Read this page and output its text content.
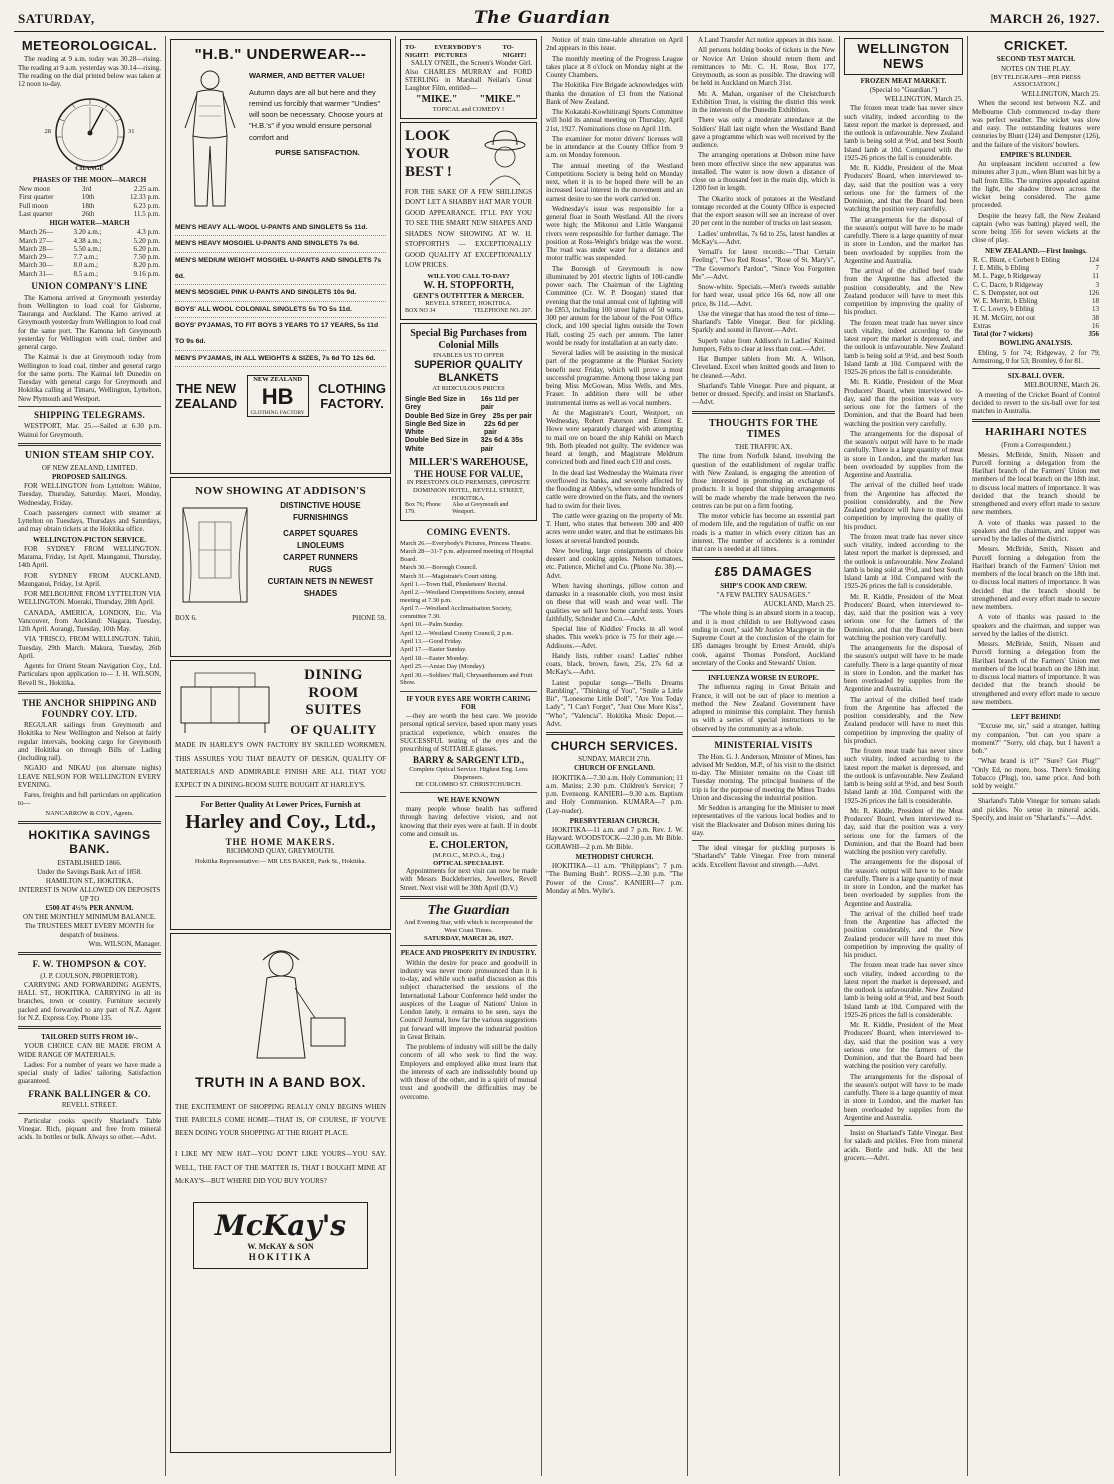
SATURDAY,	The Guardian	MARCH 26, 1927.
METEOROLOGICAL.

The reading at 9 a.m. today was 30.28—rising. The reading at 9 a.m. yesterday was 30.14—rising. The reading on the dial printed below was taken at 12 noon to-day.

28	31
CHANGE
PHASES OF THE MOON—MARCH
New moon	3rd	2.25 a.m.
First quarter	10th	12.33 p.m.
Full moon	18th	6.23 p.m.
Last quarter	26th	11.5 p.m.
HIGH WATER—MARCH
March 26—	3.20 a.m.;	4.3 p.m.
March 27—	4.38 a.m.;	5.20 p.m.
March 28—	5.50 a.m.;	6.20 p.m.
March 29—	7.7 a.m.;	7.50 p.m.
March 30—	8.0 a.m.;	8.20 p.m.
March 31—	8.5 a.m.;	9.16 p.m.
UNION COMPANY'S LINE

The Kamona arrived at Greymouth yesterday from Wellington to load coal for Gisborne, Tauranga and Auckland. The Kamo arrived at Greymouth yesterday from Wellington to load coal for the same port. The Kamona left Greymouth yesterday for Wellington with coal, timber and general cargo.

The Kaimai is due at Greymouth today from Wellington to load coal, timber and general cargo for the same ports. The Kaimai left Dunedin on Tuesday with general cargo for Greymouth and Hokitika calling at Timaru, Wellington, Lyttelton, New Plymouth and Westport.

SHIPPING TELEGRAMS.

WESTPORT, Mar. 25.—Sailed at 6.30 p.m. Wainui for Greymouth.

UNION STEAM SHIP COY.
OF NEW ZEALAND, LIMITED.
PROPOSED SAILINGS.

FOR WELLINGTON from Lyttelton: Wahine, Tuesday, Thursday, Saturday. Maori, Monday, Wednesday, Friday.

Coach passengers connect with steamer at Lyttelton on Tuesdays, Thursdays and Saturdays, and may obtain tickets at the Hokitika office.

WELLINGTON-PICTON SERVICE.

FOR SYDNEY FROM WELLINGTON. Marama, Friday, 1st April. Maunganui, Thursday, 14th April.

FOR SYDNEY FROM AUCKLAND. Maunganui, Friday, 1st April.

FOR MELBOURNE FROM LYTTELTON VIA WELLINGTON. Moeraki, Thursday, 28th April.

CANADA, AMERICA, LONDON, Etc. Via Vancouver, from Auckland: Niagara, Tuesday, 12th April. Aorangi, Tuesday, 10th May.

VIA 'FRISCO, FROM WELLINGTON. Tahiti, Tuesday, 29th March. Makura, Tuesday, 26th April.

Agents for Orient Steam Navigation Coy., Ltd. Particulars upon application to— J. H. WILSON, Revell St., Hokitika.

THE ANCHOR SHIPPING AND FOUNDRY COY. LTD.

REGULAR sailings from Greymouth and Hokitika to New Wellington and Nelson at fairly regular intervals, booking cargo for Greymouth and Hokitika on through Bills of Lading (including rail).

NGAIO and NIKAU (on alternate nights) LEAVE NELSON FOR WELLINGTON EVERY EVENING.

Fares, freights and full particulars on application to—

NANCARROW & COY., Agents.
HOKITIKA SAVINGS BANK.
ESTABLISHED 1866.
Under the Savings Bank Act of 1858.
HAMILTON ST., HOKITIKA.
INTEREST IS NOW ALLOWED ON DEPOSITS UP TO
£500 AT 4½% PER ANNUM.
ON THE MONTHLY MINIMUM BALANCE.
The TRUSTEES MEET EVERY MONTH for despatch of business.
Wm. WILSON, Manager.
F. W. THOMPSON & COY.
(J. P. COULSON, PROPRIETOR).

CARRYING AND FORWARDING AGENTS, HALL ST., HOKITIKA. CARRYING in all its branches, town or country. Furniture securely packed and forwarded to any part of N.Z. Agent for N.Z. Express Coy. Phone 135.

TAILORED SUITS FROM 10/-.

YOUR CHOICE CAN BE MADE FROM A WIDE RANGE OF MATERIALS.

Ladies: For a number of years we have made a special study of ladies' tailoring. Satisfaction guaranteed.

FRANK BALLINGER & CO.
REVELL STREET.

Particular cooks specify Sharland's Table Vinegar. Rich, piquant and free from mineral acids. In bottles or bulk. Always so other.—Advt.

"H.B." UNDERWEAR---
WARMER, AND BETTER VALUE!
Autumn days are all but here and they remind us forcibly that warmer "Undies" will soon be necessary. Choose yours at "H.B.'s" if you would ensure personal comfort and
PURSE SATISFACTION.
MEN'S HEAVY ALL-WOOL U-PANTS AND SINGLETS 5s 11d.
MEN'S HEAVY MOSGIEL U-PANTS AND SINGLETS 7s 6d.
MEN'S MEDIUM WEIGHT MOSGIEL U-PANTS AND SINGLETS 7s 6d.
MEN'S MOSGIEL PINK U-PANTS AND SINGLETS 10s 9d.
BOYS' ALL WOOL COLONIAL SINGLETS 5s TO 5s 11d.
BOYS' PYJAMAS, TO FIT BOYS 3 YEARS TO 17 YEARS, 5s 11d TO 9s 6d.
MEN'S PYJAMAS, IN ALL WEIGHTS & SIZES, 7s 6d TO 12s 6d.
THE NEW
ZEALAND
NEW ZEALAND
HB
CLOTHING FACTORY
CLOTHING
FACTORY.
NOW SHOWING AT ADDISON'S
DISTINCTIVE HOUSE FURNISHINGS
CARPET SQUARES
LINOLEUMS
CARPET RUNNERS
RUGS
CURTAIN NETS IN NEWEST SHADES
BOX 6.	PHONE 59.
DINING ROOM SUITES
OF QUALITY

MADE IN HARLEY'S OWN FACTORY BY SKILLED WORKMEN. THIS ASSURES YOU THAT BEAUTY OF DESIGN, QUALITY OF MATERIALS AND ADMIRABLE FINISH ARE ALL THAT YOU EXPECT IN A DINING-ROOM SUITE BOUGHT AT HARLEY'S.

For Better Quality At Lower Prices, Furnish at
Harley and Coy., Ltd.,
THE HOME MAKERS.
RICHMOND QUAY, GREYMOUTH.
Hokitika Representative:— MR LES BAKER, Park St., Hokitika.
TRUTH IN A BAND BOX.

THE EXCITEMENT OF SHOPPING REALLY ONLY BEGINS WHEN THE PARCELS COME HOME—THAT IS, OF COURSE, IF YOU'VE BEEN DOING YOUR SHOPPING AT THE RIGHT PLACE.

I LIKE MY NEW HAT—YOU DON'T LIKE YOURS—YOU SAY. WELL, THE FACT OF THE MATTER IS, THAT I BOUGHT MINE AT McKAY'S—BUT WHERE DID YOU BUY YOURS?

McKay's
W. McKAY & SON
HOKITIKA
TO-NIGHT!
EVERYBODY'S PICTURES
TO-NIGHT!

SALLY O'NEIL, the Screen's Wonder Girl. Also CHARLES MURRAY and FORD STERLING in Marshall Neilan's Great Laughter Film, entitled—

"MIKE." "MIKE."
TOPICAL and COMEDY !
LOOK
YOUR
BEST !

FOR THE SAKE OF A FEW SHILLINGS DON'T LET A SHABBY HAT MAR YOUR GOOD APPEARANCE. IT'LL PAY YOU TO SEE THE SMART NEW SHAPES AND SHADES NOW SHOWING AT W. H. STOPFORTH'S — EXCEPTIONALLY GOOD QUALITY AT EXCEPTIONALLY LOW PRICES.

WILL YOU CALL TO-DAY?
W. H. STOPFORTH,
GENT'S OUTFITTER & MERCER.
REVELL STREET, HOKITIKA.
BOX NO 34	TELEPHONE NO. 207.
Special Big Purchases from Colonial Mills
ENABLES US TO OFFER
SUPERIOR QUALITY BLANKETS
AT RIDICULOUS PRICES
Single Bed Size in Grey
16s 11d per pair
Double Bed Size in Grey 25s per pair
Single Bed Size in White
22s 6d per pair
Double Bed Size in White
32s 6d & 35s pair
MILLER'S WAREHOUSE,
THE HOUSE FOR VALUE,
IN PRESTON'S OLD PREMISES, OPPOSITE DOMINION HOTEL, REVELL STREET, HOKITIKA.
Box 76; Phone 179.
Also at Greymouth and Westport.
COMING EVENTS.
March 26.—Everybody's Pictures, Princess Theatre.
March 28—31-7 p.m. adjourned meeting of Hospital Board.
March 30.—Borough Council.
March 31.—Magistrate's Court sitting.
April 1.—Town Hall, Plunketeers' Recital.
April 2.—Westland Competitions Society, annual meeting at 7.30 p.m.
April 7.—Westland Acclimatisation Society, committee 7.30.
April 10.—Palm Sunday.
April 12.—Westland County Council, 2 p.m.
April 13.—Good Friday.
April 17.—Easter Sunday.
April 18.—Easter Monday.
April 25.—Anzac Day (Monday).
April 30.—Soldiers' Hall, Chrysanthemum and Fruit Show.
IF YOUR EYES ARE WORTH CARING FOR

—they are worth the best care. We provide personal optical service, based upon many years practical experience, which ensures the SUCCESSFUL testing of the eyes and the prescribing of SUITABLE glasses.

BARRY & SARGENT LTD.,
Complete Optical Service. Highest Eng. Lens Dispensers.
DE COLOMBO ST. CHRISTCHURCH.
WE HAVE KNOWN

many people whose health has suffered through having defective vision, and not knowing that their eyes were at fault. If in doubt come and consult us.

E. CHOLERTON,
(M.P.O.C., M.P.O.A., Eng.)
OPTICAL SPECIALIST.

Appointments for next visit can now be made with Messrs Buckleberries, Jewellers, Revell Street. Next visit will be 30th April (D.V.)

The Guardian
And Evening Star, with which is incorporated the West Coast Times.
SATURDAY, MARCH 26, 1927.
PEACE AND PROSPERITY IN INDUSTRY.

Within the desire for peace and goodwill in industry was never more pronounced than it is to-day, and while such useful discussion as this subject characterised the sessions of the International Labour Conference held under the auspices of the League of Nations' Union in London lately, it remains to be seen, says the Council Journal, how far the various suggestions put forward will improve the industrial position in Great Britain.

The problems of industry will still be the daily concern of all who seek to find the way. Employers and employed alike must learn that the interests of each are indissolubly bound up with those of the other, and in a spirit of mutual trust and goodwill the difficulties may be overcome.

Notice of train time-table alteration on April 2nd appears in this issue.

The monthly meeting of the Progress League takes place at 8 o'clock on Monday night at the County Chambers.

The Hokitika Fire Brigade acknowledges with thanks the donation of £3 from the National Bank of New Zealand.

The Kokatahi-Kowhitirangi Sports Committee will hold its annual meeting on Thursday, April 21st, 1927. Nominations close on April 11th.

The examiner for motor drivers' licenses will be in attendance at the County Office from 9 a.m. on Monday forenoon.

The annual meeting of the Westland Competitions Society is being held on Monday next, when it is to be hoped there will be an increased local interest in the movement and an earnest desire to see the work carried on.

Wednesday's issue was responsible for a general float in South Westland. All the rivers were high; the Mikonui and Little Wanganui rivers were responsible for further damage. The position at Ross-Weight's bridge was the worst. The road was under water for a distance and motor traffic was suspended.

The Borough of Greymouth is now illuminated by 201 electric lights of 100-candle power each. The Chairman of the Lighting Committee (Cr. W. P. Doogan) stated that evening that the total annual cost of lighting will be £853, including 100 street lights of 50 watts, 300 per annum for the labour of the Post Office clock, and 100 special lights outside the Town Hall, costing 25 each per annum. The latter would be ready for installation at an early date.

Several ladies will be assisting in the musical part of the programme at the Plunket Society benefit next Friday, which will prove a most successful programme. Among those taking part being Miss McGowan, Miss Wells, and Mrs. Fraser. In addition there will be other instrumental items as well as vocal numbers.

At the Magistrate's Court, Westport, on Wednesday, Robert Paterson and Ernest E. Howe were separately charged with attempting to mail ore on board the ship Kahiki on March 9th. Both pleaded not guilty. The evidence was heard at length, and Magistrate Meldrum convicted both and fined each £10 and costs.

In the dead last Wednesday the Waimata river overflowed its banks, and severely affected by the flooding at Abbey's, where some hundreds of cattle were drowned on the flats, and the owners had to swim for their lives.

The cattle were grazing on the property of Mr. T. Hunt, who states that between 300 and 400 acres were under water, and that he estimates his losses at several hundred pounds.

New bowling, large consignments of choice dessert and cooking apples. Nelson tomatoes, etc. Patience, Michel and Co. (Phone No. 38).—Advt.

When having shortings, pillow cotton and damasks in a reasonable cloth, you must insist on these that will wash and wear well. The qualities we sell have borne careful tests. Yours faithfully, Schroder and Co.—Advt.

Special line of Kiddies' Frocks in all wool shades. This week's price is 75 for their age.—Addisons.—Advt.

Handy lists, rubber coats! Ladies' rubber coats, black, brown, fawn, 25s, 27s 6d at McKay's.—Advt.

Latest popular songs—"Bells Dreams Rambling", "Thinking of You", "Smile a Little Bit", "Lonesome Little Doll", "Are You Today Lady", "I Can't Forget", "Just One More Kiss", "Who", "Valencia". Hokitika Music Depot.—Advt.

CHURCH SERVICES.
SUNDAY, MARCH 27th.
CHURCH OF ENGLAND.

HOKITIKA—7.30 a.m. Holy Communion; 11 a.m. Matins; 2.30 p.m. Children's Service; 7 p.m. Evensong. KANIERI—9.30 a.m. Baptism and Holy Communion. KUMARA—7 p.m. (Lay-reader).

PRESBYTERIAN CHURCH.

HOKITIKA—11 a.m. and 7 p.m. Rev. J. W. Hayward. WOODSTOCK—2.30 p.m. Mr Bible. GORAWHI—2 p.m. Mr Bible.

METHODIST CHURCH.

HOKITIKA—11 a.m. "Philippians"; 7 p.m. "The Burning Bush". ROSS—2.30 p.m. "The Power of the Cross". KANIERI—7 p.m. Monday at Mrs. Wylie's.

A Land Transfer Act notice appears in this issue.

All persons holding books of tickets in the New or Novice Art Union should return them and remittances to Mr. C. H. Rose, Box 177, Greymouth, as soon as possible. The drawing will be held in Auckland on March 31st.

Mr. A. Mahan, organiser of the Christchurch Exhibition Trust, is visiting the district this week in the interests of the Dunedin Exhibition.

There was only a moderate attendance at the Soldiers' Hall last night when the Westland Band gave a programme which was well received by the audience.

The arranging operations at Dobson mine have been more effective since the new apparatus was installed. The water is now down a distance of close on a thousand feet in the main dip, which is 1200 feet in length.

The Okarito stock of potatoes at the Westland tonnage recorded at the County Office is expected that the export season will see an increase of over 20 per cent in the number of trucks on last season.

Ladies' umbrellas, 7s 6d to 25s, latest handles at McKay's.—Advt.

Vernall's for latest records:—"That Certain Feeling", "Two Red Roses", "Rose of St. Mary's", "The Governor's Pardon", "Since You Forgotten Me".—Advt.

Snow-white. Specials.—Men's tweeds suitable for hard wear, usual price 16s 6d, now all one price, 8s 11d.—Advt.

Use the vinegar that has stood the test of time—Sharland's Table Vinegar. Best for pickling. Sparkly and sound in flavour.—Advt.

Superb value from Addison's in Ladies' Knitted Jumpers, Felts to clear at less than cost.—Advt.

Hat Bumper tablets from Mr. A. Wilson, Cleveland. Excel when knitted goods and linen to be cleaned.—Advt.

Sharland's Table Vinegar. Pure and piquant, at better or dressed. Specify, and insist on Sharland's.—Advt.

THOUGHTS FOR THE TIMES
THE TRAFFIC AX.

The time from Norfolk Island, involving the question of the establishment of regular traffic with New Zealand, is engaging the attention of those interested in promoting an exchange of products. It is hoped that shipping arrangements will be made whereby the trade between the two centres can be put on a firm footing.

The motor vehicle has become an essential part of modern life, and the regulation of traffic on our roads is a matter in which every citizen has an interest. The number of accidents is a reminder that care is needed at all times.

£85 DAMAGES
SHIP'S COOK AND CREW.
"A FEW PALTRY SAUSAGES."
AUCKLAND, March 25.

"The whole thing is an absurd storm in a teacup, and it is most childish to see Hollywood cases ending in court," said Mr Justice Macgregor in the Supreme Court at the conclusion of the claim for £85 damages brought by Ernest Arnold, ship's cook, against Thomas Ponsford, Auckland secretary of the Cooks and Stewards' Union.

INFLUENZA WORSE IN EUROPE.

The influenza raging in Great Britain and France, it will not be out of place to mention a method the New Zealand Government have adopted to minimise this complaint. They furnish us with a series of special instructions to be observed by the community as a whole.

MINISTERIAL VISITS

The Hon. G. J. Anderson, Minister of Mines, has advised Mr Seddon, M.P., of his visit to the district to-day. The Minister remains on the Coast till Tuesday morning. The principal business of the trip is for the purpose of meeting the Mines Trades Union and discussing the industrial position.

Mr Seddon is arranging for the Minister to meet representatives of the various local bodies and to visit the Blackwater and Dobson mines during his stay.

The ideal vinegar for pickling purposes is "Sharland's" Table Vinegar. Free from mineral acids. Excellent flavour and strength.—Advt.

WELLINGTON NEWS
FROZEN MEAT MARKET.
(Special to "Guardian.")
WELLINGTON, March 25.

The frozen meat trade has never since such vitality, indeed according to the latest report the market is depressed, and the outlook is unfavourable. New Zealand lamb is being sold at 9½d, and best South Island lamb at 10d. Compared with the 1925-26 prices the fall is considerable.

Mr. R. Kiddle, President of the Meat Producers' Board, when interviewed to-day, said that the position was a very serious one for the farmers of the Dominion, and that the Board had been watching the position very carefully.

The arrangements for the disposal of the season's output will have to be made carefully. There is a large quantity of meat in store in London, and the market has been overloaded by supplies from the Argentine and Australia.

The arrival of the chilled beef trade from the Argentine has affected the position considerably, and the New Zealand producer will have to meet this competition by improving the quality of his product.

The frozen meat trade has never since such vitality, indeed according to the latest report the market is depressed, and the outlook is unfavourable. New Zealand lamb is being sold at 9½d, and best South Island lamb at 10d. Compared with the 1925-26 prices the fall is considerable.

Mr. R. Kiddle, President of the Meat Producers' Board, when interviewed to-day, said that the position was a very serious one for the farmers of the Dominion, and that the Board had been watching the position very carefully.

The arrangements for the disposal of the season's output will have to be made carefully. There is a large quantity of meat in store in London, and the market has been overloaded by supplies from the Argentine and Australia.

The arrival of the chilled beef trade from the Argentine has affected the position considerably, and the New Zealand producer will have to meet this competition by improving the quality of his product.

The frozen meat trade has never since such vitality, indeed according to the latest report the market is depressed, and the outlook is unfavourable. New Zealand lamb is being sold at 9½d, and best South Island lamb at 10d. Compared with the 1925-26 prices the fall is considerable.

Mr. R. Kiddle, President of the Meat Producers' Board, when interviewed to-day, said that the position was a very serious one for the farmers of the Dominion, and that the Board had been watching the position very carefully.

The arrangements for the disposal of the season's output will have to be made carefully. There is a large quantity of meat in store in London, and the market has been overloaded by supplies from the Argentine and Australia.

The arrival of the chilled beef trade from the Argentine has affected the position considerably, and the New Zealand producer will have to meet this competition by improving the quality of his product.

The frozen meat trade has never since such vitality, indeed according to the latest report the market is depressed, and the outlook is unfavourable. New Zealand lamb is being sold at 9½d, and best South Island lamb at 10d. Compared with the 1925-26 prices the fall is considerable.

Mr. R. Kiddle, President of the Meat Producers' Board, when interviewed to-day, said that the position was a very serious one for the farmers of the Dominion, and that the Board had been watching the position very carefully.

The arrangements for the disposal of the season's output will have to be made carefully. There is a large quantity of meat in store in London, and the market has been overloaded by supplies from the Argentine and Australia.

The arrival of the chilled beef trade from the Argentine has affected the position considerably, and the New Zealand producer will have to meet this competition by improving the quality of his product.

The frozen meat trade has never since such vitality, indeed according to the latest report the market is depressed, and the outlook is unfavourable. New Zealand lamb is being sold at 9½d, and best South Island lamb at 10d. Compared with the 1925-26 prices the fall is considerable.

Mr. R. Kiddle, President of the Meat Producers' Board, when interviewed to-day, said that the position was a very serious one for the farmers of the Dominion, and that the Board had been watching the position very carefully.

The arrangements for the disposal of the season's output will have to be made carefully. There is a large quantity of meat in store in London, and the market has been overloaded by supplies from the Argentine and Australia.

Insist on Sharland's Table Vinegar. Best for salads and pickles. Free from mineral acids. Bottle and bulk. All the best grocers.—Advt.

CRICKET.
SECOND TEST MATCH.
NOTES ON THE PLAY.
[BY TELEGRAPH—PER PRESS ASSOCIATION.]
WELLINGTON, March 25.

When the second test between N.Z. and Melbourne Club commenced to-day there was perfect weather. The wicket was slow and easy. The outstanding features were centuries by Blunt (124) and Dempster (126), and the failure of the visitors' bowlers.

EMPIRE'S BLUNDER.

An unpleasant incident occurred a few minutes after 3 p.m., when Blunt was hit by a ball from Ellis. The umpires appealed against the light, the shadow thrown across the wicket being considered. The game proceeded.

Despite the heavy fall, the New Zealand captain (who was batting) played well, the score being 356 for seven wickets at the close of play.

NEW ZEALAND.—First Innings.
R. C. Blunt, c Corbett b Ebling	124
J. E. Mills, b Ebling	7
M. L. Page, b Ridgeway	11
C. C. Dacre, b Ridgeway	3
C. S. Dempster, not out	126
W. E. Merritt, b Ebling	18
T. C. Lowry, b Ebling	13
H. M. McGirr, not out	38
Extras	16
Total (for 7 wickets)	356
BOWLING ANALYSIS.

Ebling, 5 for 74; Ridgeway, 2 for 79; Armstrong, 0 for 53; Bromley, 0 for 81.

SIX-BALL OVER.
MELBOURNE, March 26.

A meeting of the Cricket Board of Control decided to revert to the six-ball over for test matches in Australia.

HARIHARI NOTES
(From a Correspondent.)

Messrs. McBride, Smith, Nissen and Purcell forming a delegation from the Harihari branch of the Farmers' Union met members of the local branch on the 18th inst. to discuss local matters of importance. It was decided that the branch should be strengthened and every effort made to secure new members.

A vote of thanks was passed to the speakers and the chairman, and supper was served by the ladies of the district.

Messrs. McBride, Smith, Nissen and Purcell forming a delegation from the Harihari branch of the Farmers' Union met members of the local branch on the 18th inst. to discuss local matters of importance. It was decided that the branch should be strengthened and every effort made to secure new members.

A vote of thanks was passed to the speakers and the chairman, and supper was served by the ladies of the district.

Messrs. McBride, Smith, Nissen and Purcell forming a delegation from the Harihari branch of the Farmers' Union met members of the local branch on the 18th inst. to discuss local matters of importance. It was decided that the branch should be strengthened and every effort made to secure new members.

LEFT BEHIND!

"Excuse me, sir," said a stranger, halting my companion, "but can you spare a moment?" "Sorry, old chap, but I haven't a bob."

"What brand is it?" "Sure? Got Plug!" "Only Ed, no more, boss. There's Smoking Tobacco (Plug), too, same price. And both sold by weight."

Sharland's Table Vinegar for tomato salads and pickles. No sense in mineral acids. Specify, and insist on "Sharland's."—Advt.
